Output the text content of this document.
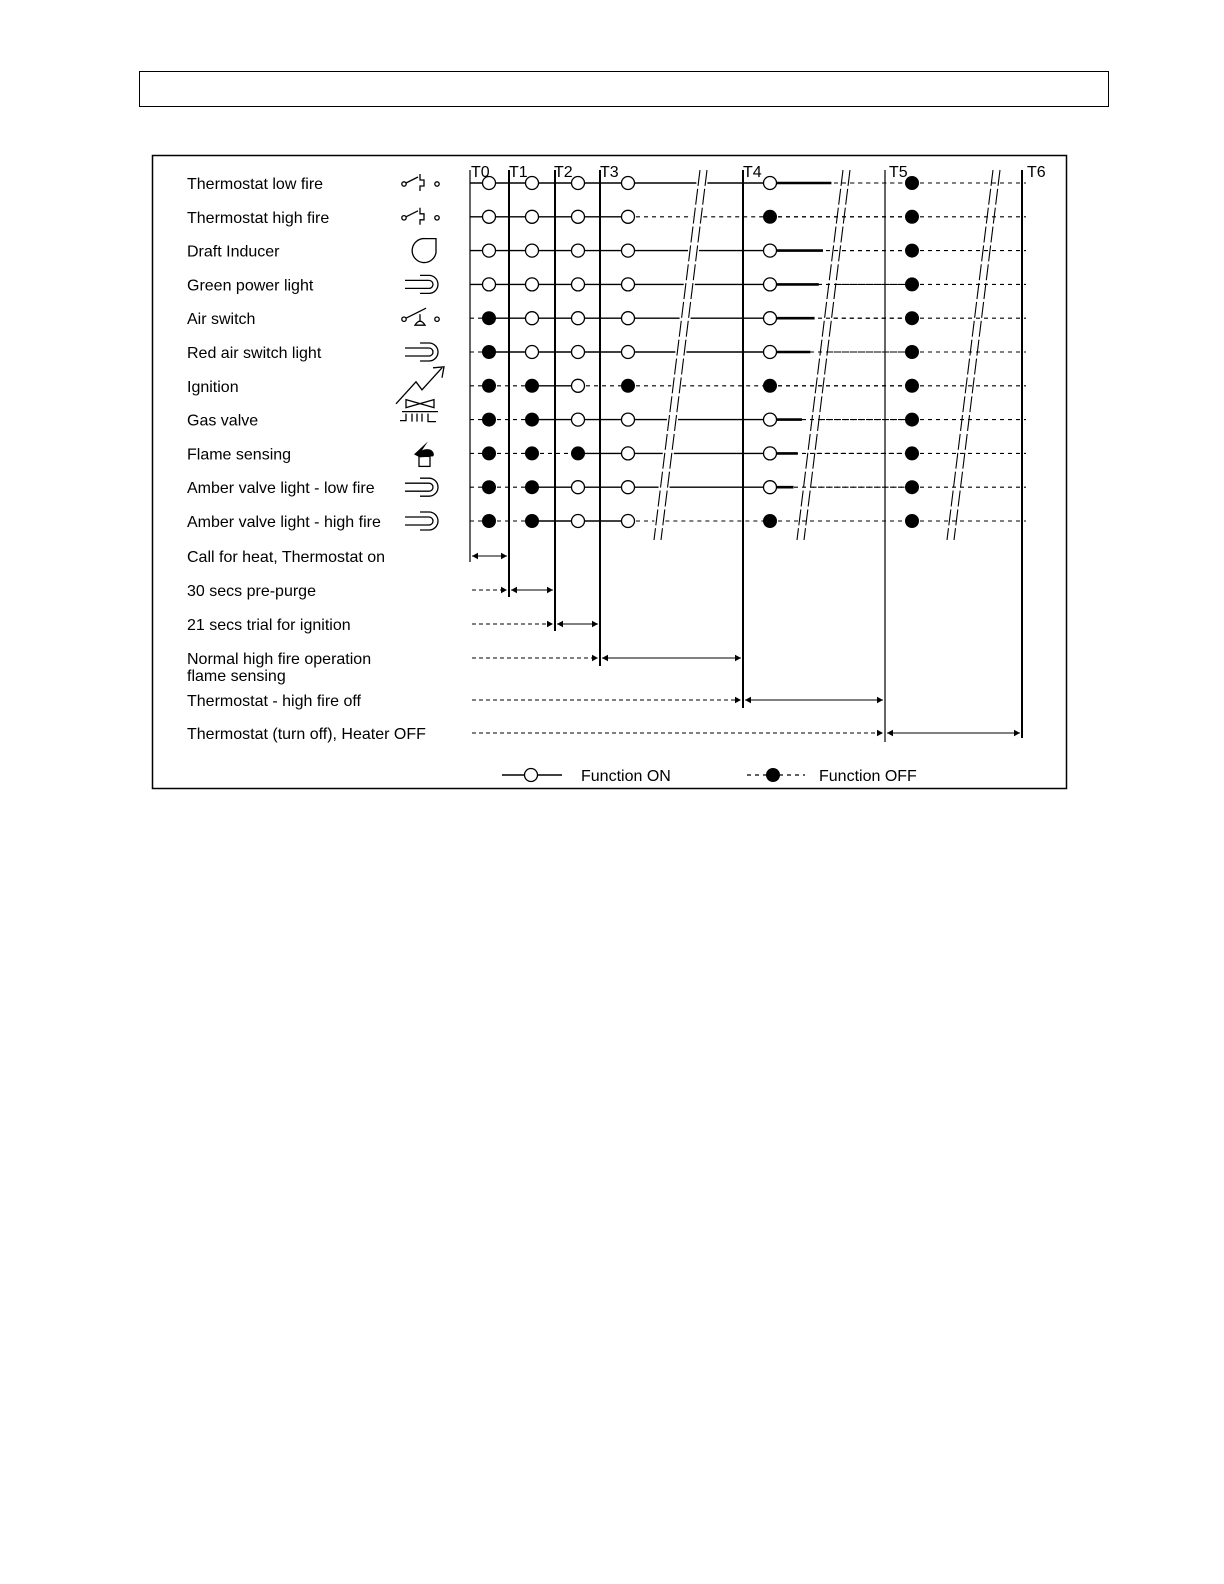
Thermostat low fire
Thermostat high fire
Draft Inducer
Green power light
Air switch
Red air switch light
Ignition
Gas valve
Flame sensing
Amber valve light - low fire
Amber valve light - high fire
T0 T1 T2 T3	T4	T5	T6
Call for heat, Thermostat on
30 secs pre-purge
21 secs trial for ignition
Normal high fire operation
flame sensing
Thermostat - high fire off
Thermostat (turn off), Heater OFF
Function ON	Function OFF
